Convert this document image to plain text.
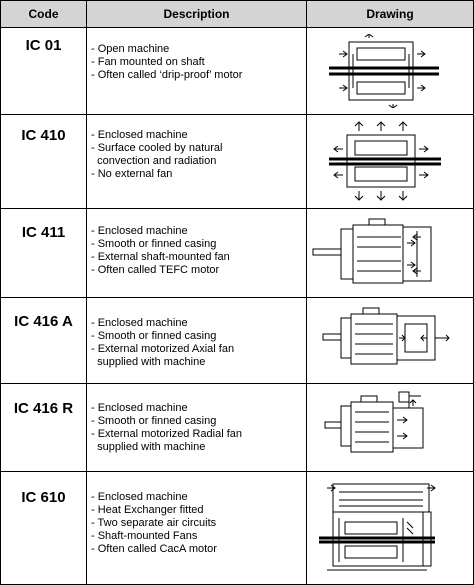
Code	Description	Drawing
IC 01	- Open machine
- Fan mounted on shaft
- Often called ‘drip-proof’ motor
IC 410	- Enclosed machine
- Surface cooled by natural
convection and radiation
- No external fan
IC 411	- Enclosed machine
- Smooth or finned casing
- External shaft-mounted fan
- Often called TEFC motor
IC 416 A	- Enclosed machine
- Smooth or finned casing
- External motorized Axial fan
supplied with machine
IC 416 R	- Enclosed machine
- Smooth or finned casing
- External motorized Radial fan
supplied with machine
IC 610	- Enclosed machine
- Heat Exchanger fitted
- Two separate air circuits
- Shaft-mounted Fans
- Often called CacA motor
